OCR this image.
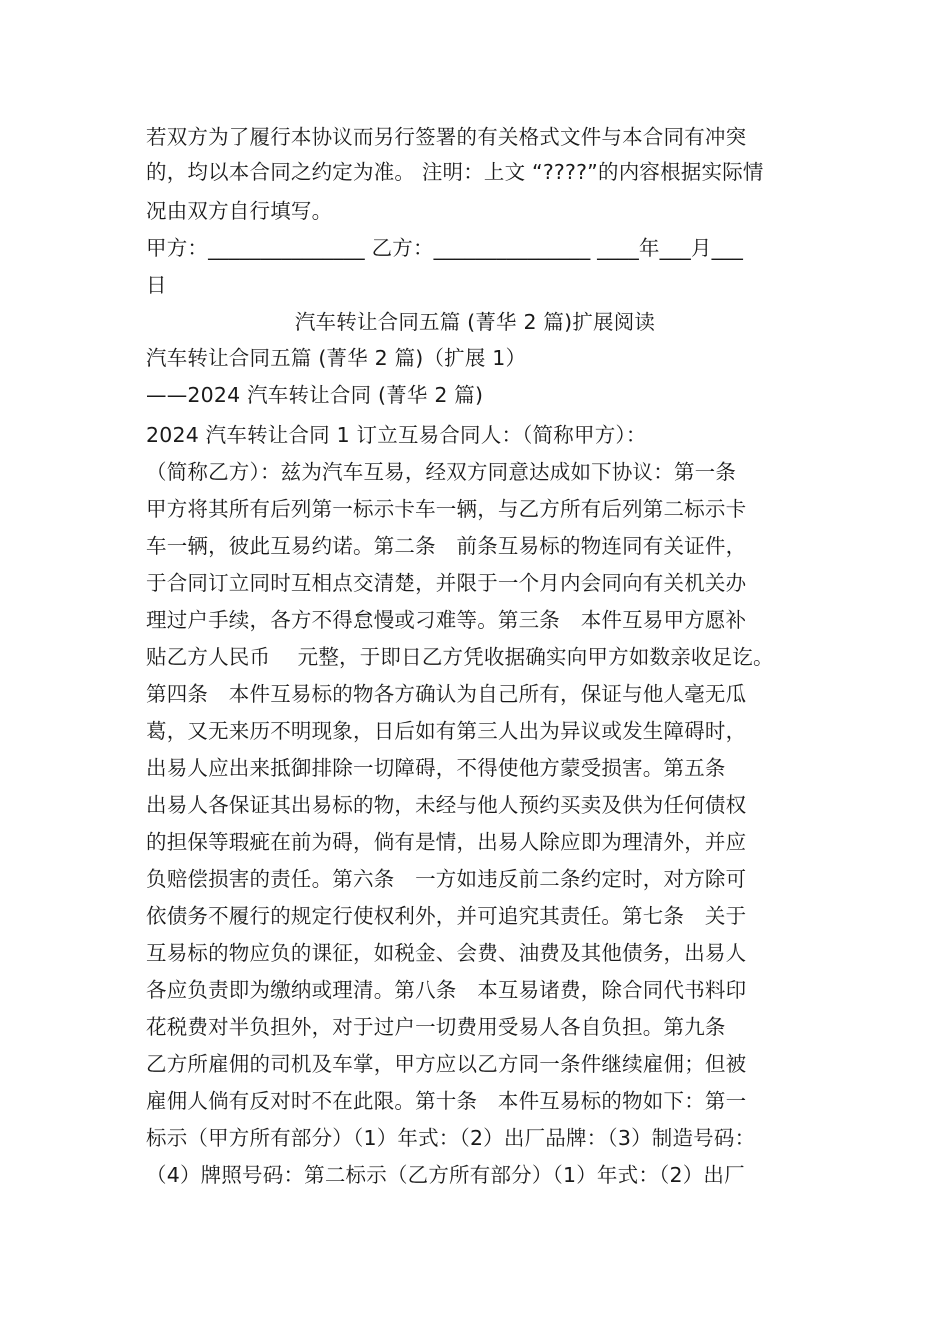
若双方为了履行本协议而另行签署的有关格式文件与本合同有冲突
的，均以本合同之约定为准。 注明：上文 “????”的内容根据实际情
况由双方自行填写。
甲方：_______________ 乙方：_______________ ____年___月___
日
汽车转让合同五篇 (菁华 2 篇)扩展阅读
汽车转让合同五篇 (菁华 2 篇)（扩展 1）
——2024 汽车转让合同 (菁华 2 篇)
2024 汽车转让合同 1 订立互易合同人：（简称甲方）：
（简称乙方）：兹为汽车互易，经双方同意达成如下协议：第一条
甲方将其所有后列第一标示卡车一辆，与乙方所有后列第二标示卡
车一辆，彼此互易约诺。第二条　前条互易标的物连同有关证件，
于合同订立同时互相点交清楚，并限于一个月内会同向有关机关办
理过户手续，各方不得怠慢或刁难等。第三条　本件互易甲方愿补
贴乙方人民币　 元整，于即日乙方凭收据确实向甲方如数亲收足讫。
第四条　本件互易标的物各方确认为自己所有，保证与他人毫无瓜
葛，又无来历不明现象，日后如有第三人出为异议或发生障碍时，
出易人应出来抵御排除一切障碍，不得使他方蒙受损害。第五条
出易人各保证其出易标的物，未经与他人预约买卖及供为任何债权
的担保等瑕疵在前为碍，倘有是情，出易人除应即为理清外，并应
负赔偿损害的责任。第六条　一方如违反前二条约定时，对方除可
依债务不履行的规定行使权利外，并可追究其责任。第七条　关于
互易标的物应负的课征，如税金、会费、油费及其他债务，出易人
各应负责即为缴纳或理清。第八条　本互易诸费，除合同代书料印
花税费对半负担外，对于过户一切费用受易人各自负担。第九条
乙方所雇佣的司机及车掌，甲方应以乙方同一条件继续雇佣；但被
雇佣人倘有反对时不在此限。第十条　本件互易标的物如下：第一
标示（甲方所有部分）（1）年式：（2）出厂品牌：（3）制造号码：
（4）牌照号码：第二标示（乙方所有部分）（1）年式：（2）出厂
